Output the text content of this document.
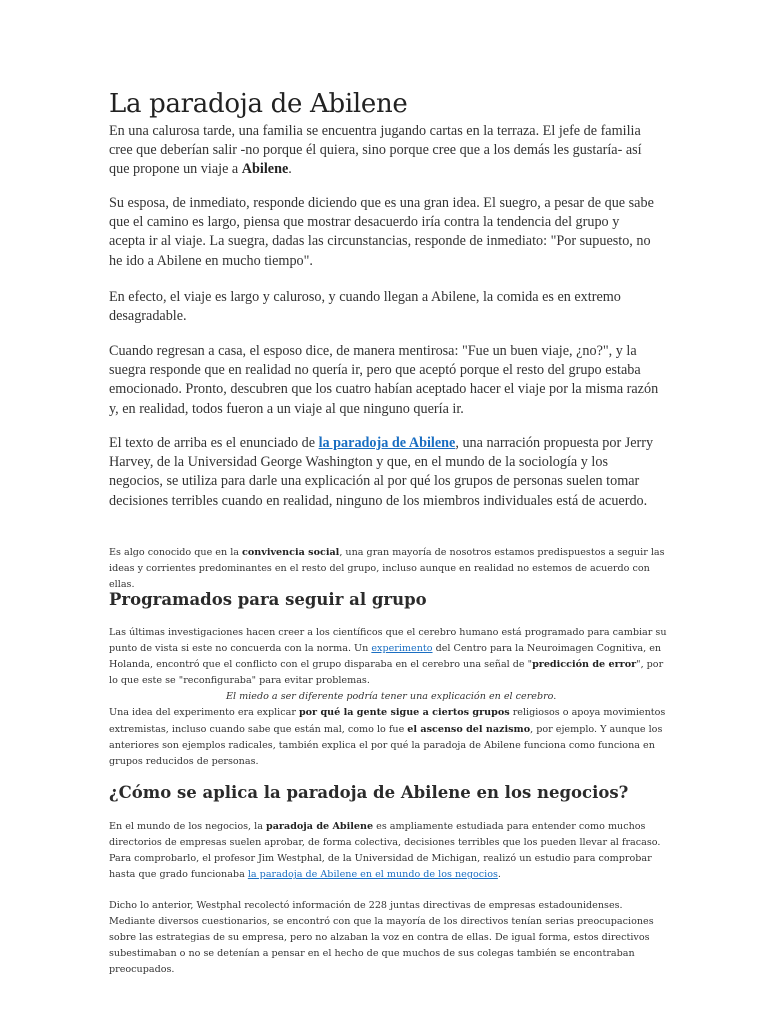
La paradoja de Abilene

En una calurosa tarde, una familia se encuentra jugando cartas en la terraza. El jefe de familia cree que deberían salir -no porque él quiera, sino porque cree que a los demás les gustaría- así que propone un viaje a Abilene.

Su esposa, de inmediato, responde diciendo que es una gran idea. El suegro, a pesar de que sabe que el camino es largo, piensa que mostrar desacuerdo iría contra la tendencia del grupo y acepta ir al viaje. La suegra, dadas las circunstancias, responde de inmediato: "Por supuesto, no he ido a Abilene en mucho tiempo".

En efecto, el viaje es largo y caluroso, y cuando llegan a Abilene, la comida es en extremo desagradable.

Cuando regresan a casa, el esposo dice, de manera mentirosa: "Fue un buen viaje, ¿no?", y la suegra responde que en realidad no quería ir, pero que aceptó porque el resto del grupo estaba emocionado. Pronto, descubren que los cuatro habían aceptado hacer el viaje por la misma razón y, en realidad, todos fueron a un viaje al que ninguno quería ir.

El texto de arriba es el enunciado de la paradoja de Abilene, una narración propuesta por Jerry Harvey, de la Universidad George Washington y que, en el mundo de la sociología y los negocios, se utiliza para darle una explicación al por qué los grupos de personas suelen tomar decisiones terribles cuando en realidad, ninguno de los miembros individuales está de acuerdo.

Es algo conocido que en la convivencia social, una gran mayoría de nosotros estamos predispuestos a seguir las ideas y corrientes predominantes en el resto del grupo, incluso aunque en realidad no estemos de acuerdo con ellas.

Programados para seguir al grupo

Las últimas investigaciones hacen creer a los científicos que el cerebro humano está programado para cambiar su punto de vista si este no concuerda con la norma. Un experimento del Centro para la Neuroimagen Cognitiva, en Holanda, encontró que el conflicto con el grupo disparaba en el cerebro una señal de "predicción de error", por lo que este se "reconfiguraba" para evitar problemas.
El miedo a ser diferente podría tener una explicación en el cerebro.
Una idea del experimento era explicar por qué la gente sigue a ciertos grupos religiosos o apoya movimientos extremistas, incluso cuando sabe que están mal, como lo fue el ascenso del nazismo, por ejemplo. Y aunque los anteriores son ejemplos radicales, también explica el por qué la paradoja de Abilene funciona como funciona en grupos reducidos de personas.

¿Cómo se aplica la paradoja de Abilene en los negocios?

En el mundo de los negocios, la paradoja de Abilene es ampliamente estudiada para entender como muchos directorios de empresas suelen aprobar, de forma colectiva, decisiones terribles que los pueden llevar al fracaso.
Para comprobarlo, el profesor Jim Westphal, de la Universidad de Michigan, realizó un estudio para comprobar hasta que grado funcionaba la paradoja de Abilene en el mundo de los negocios.

Dicho lo anterior, Westphal recolectó información de 228 juntas directivas de empresas estadounidenses. Mediante diversos cuestionarios, se encontró con que la mayoría de los directivos tenían serias preocupaciones sobre las estrategias de su empresa, pero no alzaban la voz en contra de ellas. De igual forma, estos directivos subestimaban o no se detenían a pensar en el hecho de que muchos de sus colegas también se encontraban preocupados.
